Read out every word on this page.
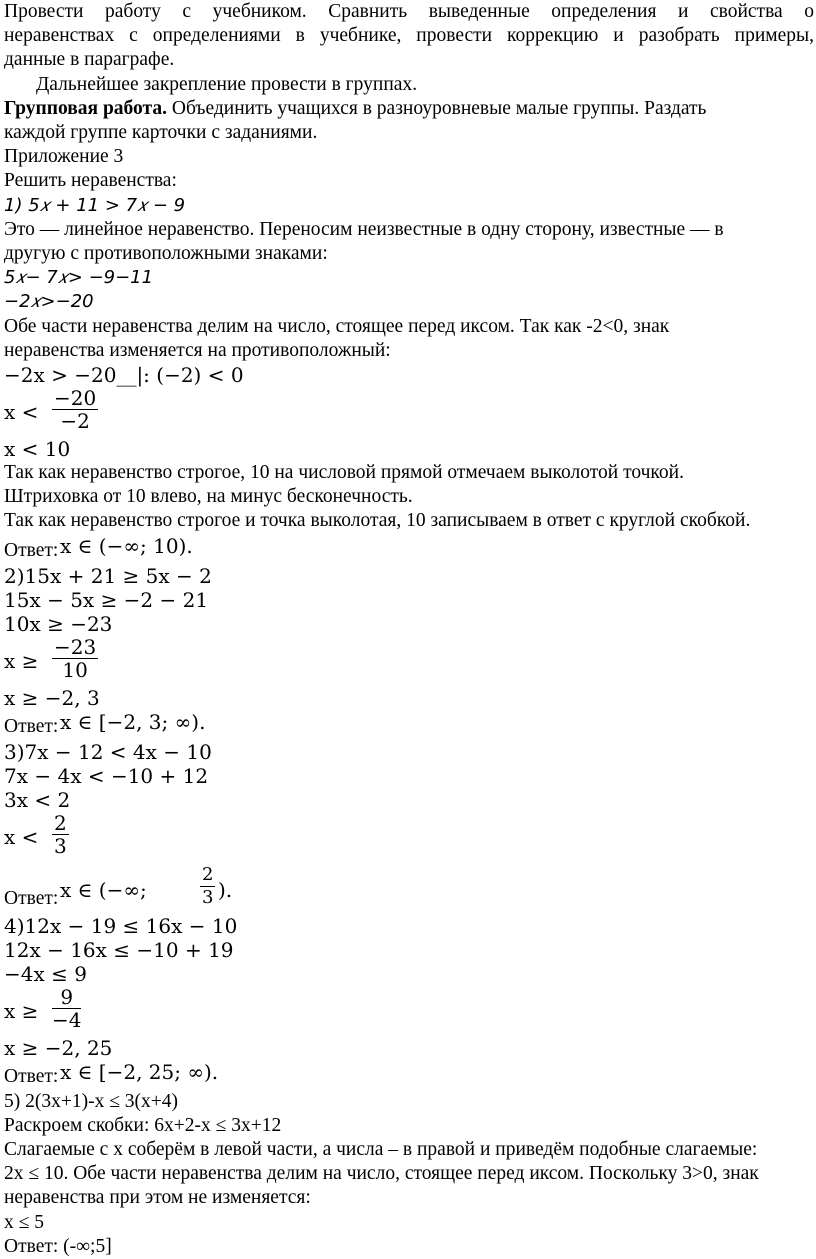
Провести работу с учебником. Сравнить выведенные определения и свойства о
неравенствах с определениями в учебнике, провести коррекцию и разобрать примеры,
данные в параграфе.
Дальнейшее закрепление провести в группах.
Групповая работа. Объединить учащихся в разноуровневые малые группы. Раздать
каждой группе карточки с заданиями.
Приложение 3
Решить неравенства:
1) 5𝑥 + 11 > 7𝑥 − 9
Это — линейное неравенство. Переносим неизвестные в одну сторону, известные — в
другую с противоположными знаками:
5𝑥− 7𝑥> −9−11
−2𝑥>−20
Обе части неравенства делим на число, стоящее перед иксом. Так как -2<0, знак
неравенства изменяется на противоположный:
−2x > −20__|: (−2) < 0
x <
−20
−2
x < 10
Так как неравенство строгое, 10 на числовой прямой отмечаем выколотой точкой.
Штриховка от 10 влево, на минус бесконечность.
Так как неравенство строгое и точка выколотая, 10 записываем в ответ с круглой скобкой.
Ответ: x ∈ (−∞; 10).
2)15x + 21 ≥ 5x − 2
15x − 5x ≥ −2 − 21
10x ≥ −23
x ≥
−23
10
x ≥ −2, 3
Ответ: x ∈ [−2, 3; ∞).
3)7x − 12 < 4x − 10
7x − 4x < −10 + 12
3x < 2
x <
2
3
Ответ: x ∈ (−∞;
2
3 ).
4)12x − 19 ≤ 16x − 10
12x − 16x ≤ −10 + 19
−4x ≤ 9
x ≥
9
−4
x ≥ −2, 25
Ответ: x ∈ [−2, 25; ∞).
5) 2(3x+1)-x ≤ 3(x+4)
Раскроем скобки: 6x+2-x ≤ 3x+12
Слагаемые с x соберём в левой части, а числа – в правой и приведём подобные слагаемые:
2x ≤ 10. Обе части неравенства делим на число, стоящее перед иксом. Поскольку 3>0, знак
неравенства при этом не изменяется:
x ≤ 5
Ответ: (-∞;5]
